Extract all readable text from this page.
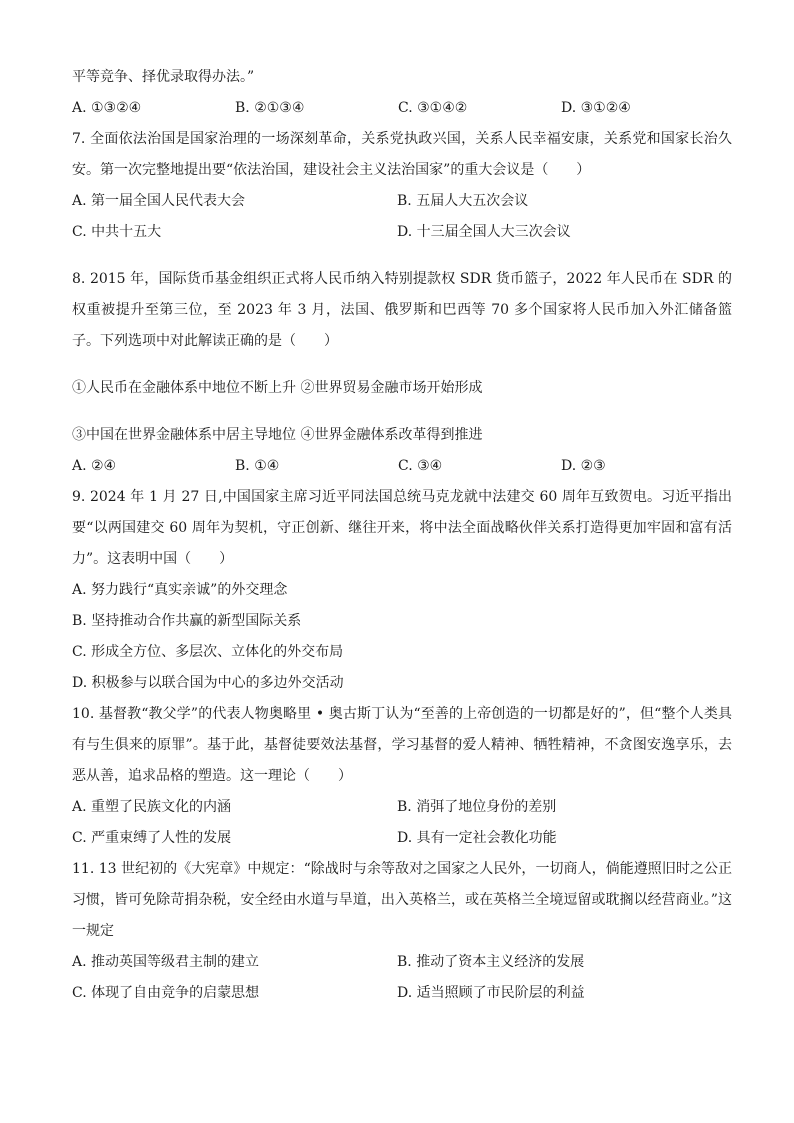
平等竞争、择优录取得办法。”
A. ①③②④	B. ②①③④	C. ③①④②	D. ③①②④
7. 全面依法治国是国家治理的一场深刻革命，关系党执政兴国，关系人民幸福安康，关系党和国家长治久安。第一次完整地提出要“依法治国，建设社会主义法治国家”的重大会议是（　　）
A. 第一届全国人民代表大会	B. 五届人大五次会议
C. 中共十五大	D. 十三届全国人大三次会议
8. 2015 年，国际货币基金组织正式将人民币纳入特别提款权 SDR 货币篮子，2022 年人民币在 SDR 的权重被提升至第三位，至 2023 年 3 月，法国、俄罗斯和巴西等 70 多个国家将人民币加入外汇储备篮子。下列选项中对此解读正确的是（　　）
①人民币在金融体系中地位不断上升 ②世界贸易金融市场开始形成
③中国在世界金融体系中居主导地位 ④世界金融体系改革得到推进
A. ②④	B. ①④	C. ③④	D. ②③
9. 2024 年 1 月 27 日,中国国家主席习近平同法国总统马克龙就中法建交 60 周年互致贺电。习近平指出要“以两国建交 60 周年为契机，守正创新、继往开来，将中法全面战略伙伴关系打造得更加牢固和富有活力”。这表明中国（　　）
A. 努力践行“真实亲诚”的外交理念
B. 坚持推动合作共赢的新型国际关系
C. 形成全方位、多层次、立体化的外交布局
D. 积极参与以联合国为中心的多边外交活动
10. 基督教“教父学”的代表人物奥略里 • 奥古斯丁认为“至善的上帝创造的一切都是好的”，但“整个人类具有与生俱来的原罪”。基于此，基督徒要效法基督，学习基督的爱人精神、牺牲精神，不贪图安逸享乐，去恶从善，追求品格的塑造。这一理论（　　）
A. 重塑了民族文化的内涵	B. 消弭了地位身份的差别
C. 严重束缚了人性的发展	D. 具有一定社会教化功能
11. 13 世纪初的《大宪章》中规定：“除战时与余等敌对之国家之人民外，一切商人，倘能遵照旧时之公正习惯，皆可免除苛捐杂税，安全经由水道与旱道，出入英格兰，或在英格兰全境逗留或耽搁以经营商业。”这一规定
A. 推动英国等级君主制的建立	B. 推动了资本主义经济的发展
C. 体现了自由竞争的启蒙思想	D. 适当照顾了市民阶层的利益
